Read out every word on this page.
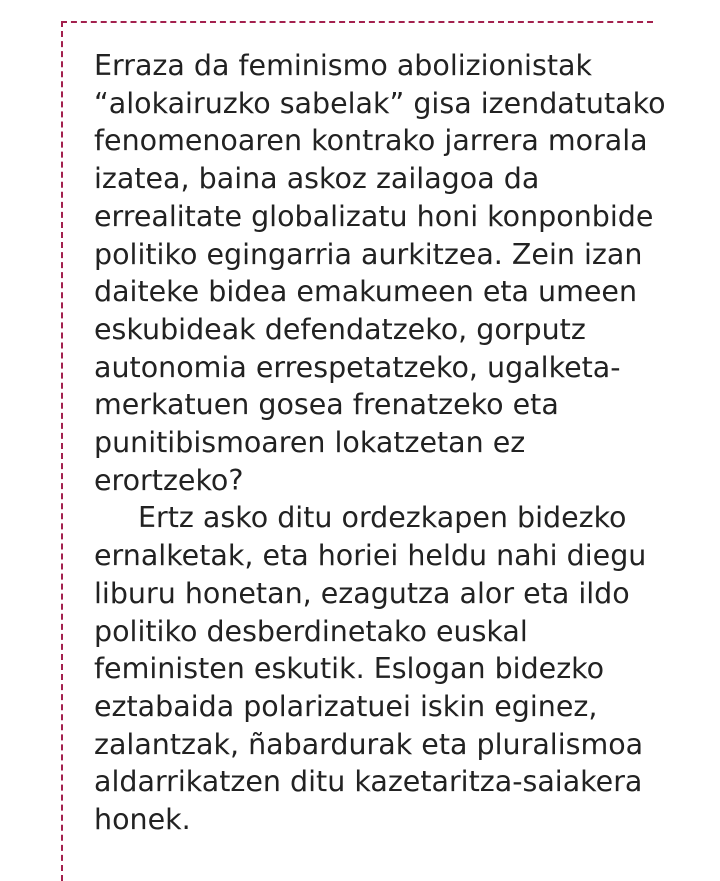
Erraza da feminismo abolizionistak
“alokairuzko sabelak” gisa izendatutako
fenomenoaren kontrako jarrera morala
izatea, baina askoz zailagoa da
errealitate globalizatu honi konponbide
politiko egingarria aurkitzea. Zein izan
daiteke bidea emakumeen eta umeen
eskubideak defendatzeko, gorputz
autonomia errespetatzeko, ugalketa-
merkatuen gosea frenatzeko eta
punitibismoaren lokatzetan ez
erortzeko?
Ertz asko ditu ordezkapen bidezko
ernalketak, eta horiei heldu nahi diegu
liburu honetan, ezagutza alor eta ildo
politiko desberdinetako euskal
feministen eskutik. Eslogan bidezko
eztabaida polarizatuei iskin eginez,
zalantzak, ñabardurak eta pluralismoa
aldarrikatzen ditu kazetaritza-saiakera
honek.
